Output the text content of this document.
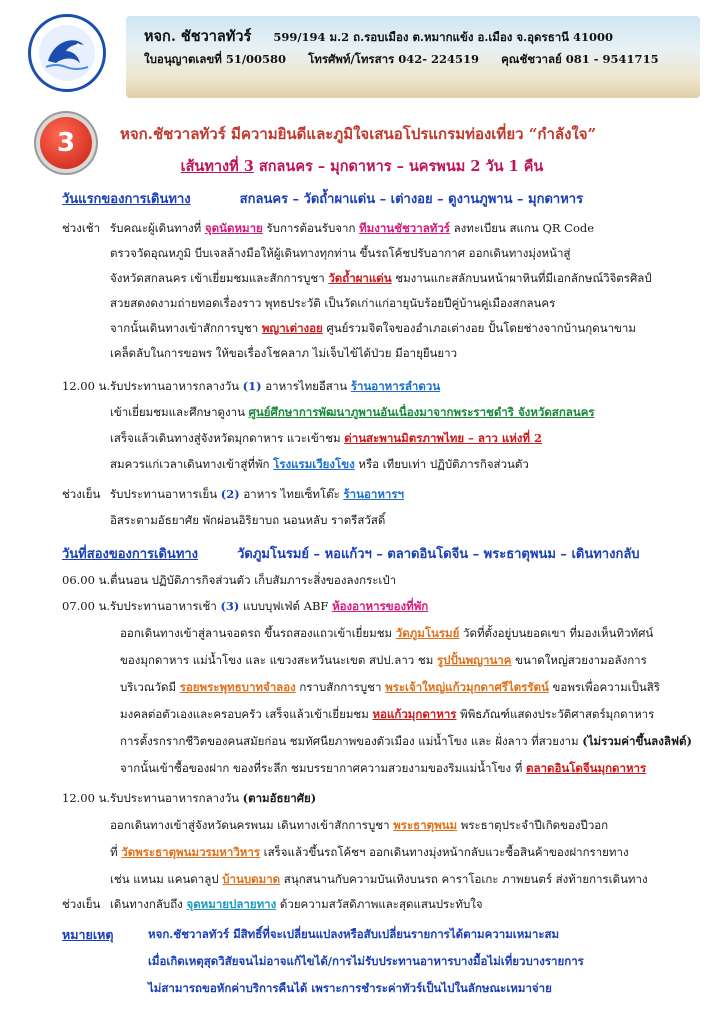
หจก. ชัชวาลทัวร์ 599/194 ม.2 ถ.รอบเมือง ต.หมากแข้ง อ.เมือง จ.อุดรธานี 41000
ใบอนุญาตเลขที่ 51/00580 โทรศัพท์/โทรสาร 042- 224519 คุณชัชวาลย์ 081 - 9541715
3	หจก.ชัชวาลทัวร์ มีความยินดีและภูมิใจเสนอโปรแกรมท่องเที่ยว “กำลังใจ”
เส้นทางที่ 3 สกลนคร – มุกดาหาร – นครพนม 2 วัน 1 คืน
วันแรกของการเดินทาง	สกลนคร – วัดถ้ำผาแด่น – เต่างอย – ดูงานภูพาน – มุกดาหาร
ช่วงเช้า รับคณะผู้เดินทางที่ จุดนัดหมาย รับการต้อนรับจาก ทีมงานชัชวาลทัวร์ ลงทะเบียน สแกน QR Code
ตรวจวัดอุณหภูมิ บีบเจลล้างมือให้ผู้เดินทางทุกท่าน ขึ้นรถโค้ชปรับอากาศ ออกเดินทางมุ่งหน้าสู่
จังหวัดสกลนคร เข้าเยี่ยมชมและสักการบูชา วัดถ้ำผาแด่น ชมงานแกะสลักบนหน้าผาหินที่มีเอกลักษณ์วิจิตรศิลป์
สวยสดงดงามถ่ายทอดเรื่องราว พุทธประวัติ เป็นวัดเก่าแก่อายุนับร้อยปีคู่บ้านคู่เมืองสกลนคร
จากนั้นเดินทางเข้าสักการบูชา พญาเต่างอย ศูนย์รวมจิตใจของอำเภอเต่างอย ปั้นโดยช่างจากบ้านกุดนาขาม
เคล็ดลับในการขอพร ให้ขอเรื่องโชคลาภ ไม่เจ็บไข้ได้ป่วย มีอายุยืนยาว
12.00 น. รับประทานอาหารกลางวัน (1) อาหารไทยอีสาน ร้านอาหารลำดวน
เข้าเยี่ยมชมและศึกษาดูงาน ศูนย์ศึกษาการพัฒนาภูพานอันเนื่องมาจากพระราชดำริ จังหวัดสกลนคร
เสร็จแล้วเดินทางสู่จังหวัดมุกดาหาร แวะเข้าชม ด่านสะพานมิตรภาพไทย – ลาว แห่งที่ 2
สมควรแก่เวลาเดินทางเข้าสู่ที่พัก โรงแรมเวียงโขง หรือ เทียบเท่า ปฏิบัติภารกิจส่วนตัว
ช่วงเย็น รับประทานอาหารเย็น (2) อาหาร ไทยเซ็ทโต๊ะ ร้านอาหารฯ
อิสระตามอัธยาศัย พักผ่อนอิริยาบถ นอนหลับ ราตรีสวัสดิ์
วันที่สองของการเดินทาง	วัดภูมโนรมย์ – หอแก้วฯ – ตลาดอินโดจีน – พระธาตุพนม – เดินทางกลับ
06.00 น. ตื่นนอน ปฏิบัติภารกิจส่วนตัว เก็บสัมภาระสิ่งของลงกระเป๋า
07.00 น. รับประทานอาหารเช้า (3) แบบบุฟเฟ่ต์ ABF ห้องอาหารของที่พัก
ออกเดินทางเข้าสู่ลานจอดรถ ขึ้นรถสองแถวเข้าเยี่ยมชม วัดภูมโนรมย์ วัดที่ตั้งอยู่บนยอดเขา ที่มองเห็นทิวทัศน์
ของมุกดาหาร แม่น้ำโขง และ แขวงสะหวันนะเขต สปป.ลาว ชม รูปปั้นพญานาค ขนาดใหญ่สวยงามอลังการ
บริเวณวัดมี รอยพระพุทธบาทจำลอง กราบสักการบูชา พระเจ้าใหญ่แก้วมุกดาศรีไตรรัตน์ ขอพรเพื่อความเป็นสิริ
มงคลต่อตัวเองและครอบครัว เสร็จแล้วเข้าเยี่ยมชม หอแก้วมุกดาหาร พิพิธภัณฑ์แสดงประวัติศาสตร์มุกดาหาร
การตั้งรกรากชีวิตของคนสมัยก่อน ชมทัศนียภาพของตัวเมือง แม่น้ำโขง และ ฝั่งลาว ที่สวยงาม (ไม่รวมค่าขึ้นลงลิฟต์)
จากนั้นเข้าซื้อของฝาก ของที่ระลึก ชมบรรยากาศความสวยงามของริมแม่น้ำโขง ที่ ตลาดอินโดจีนมุกดาหาร
12.00 น. รับประทานอาหารกลางวัน (ตามอัธยาศัย)
ออกเดินทางเข้าสู่จังหวัดนครพนม เดินทางเข้าสักการบูชา พระธาตุพนม พระธาตุประจำปีเกิดของปีวอก
ที่ วัดพระธาตุพนมวรมหาวิหาร เสร็จแล้วขึ้นรถโค้ชฯ ออกเดินทางมุ่งหน้ากลับแวะซื้อสินค้าของฝากรายทาง
เช่น แหนม แคนดาลูป บ้านบดมาด สนุกสนานกับความบันเทิงบนรถ คาราโอเกะ ภาพยนตร์ ส่งท้ายการเดินทาง
ช่วงเย็น เดินทางกลับถึง จุดหมายปลายทาง ด้วยความสวัสดิภาพและสุดแสนประทับใจ
หมายเหตุ	หจก.ชัชวาลทัวร์ มีสิทธิ์ที่จะเปลี่ยนแปลงหรือสับเปลี่ยนรายการได้ตามความเหมาะสม
เมื่อเกิดเหตุสุดวิสัยจนไม่อาจแก้ไขได้/การไม่รับประทานอาหารบางมื้อไม่เที่ยวบางรายการ
ไม่สามารถขอหักค่าบริการคืนได้ เพราะการชำระค่าทัวร์เป็นไปในลักษณะเหมาจ่าย
